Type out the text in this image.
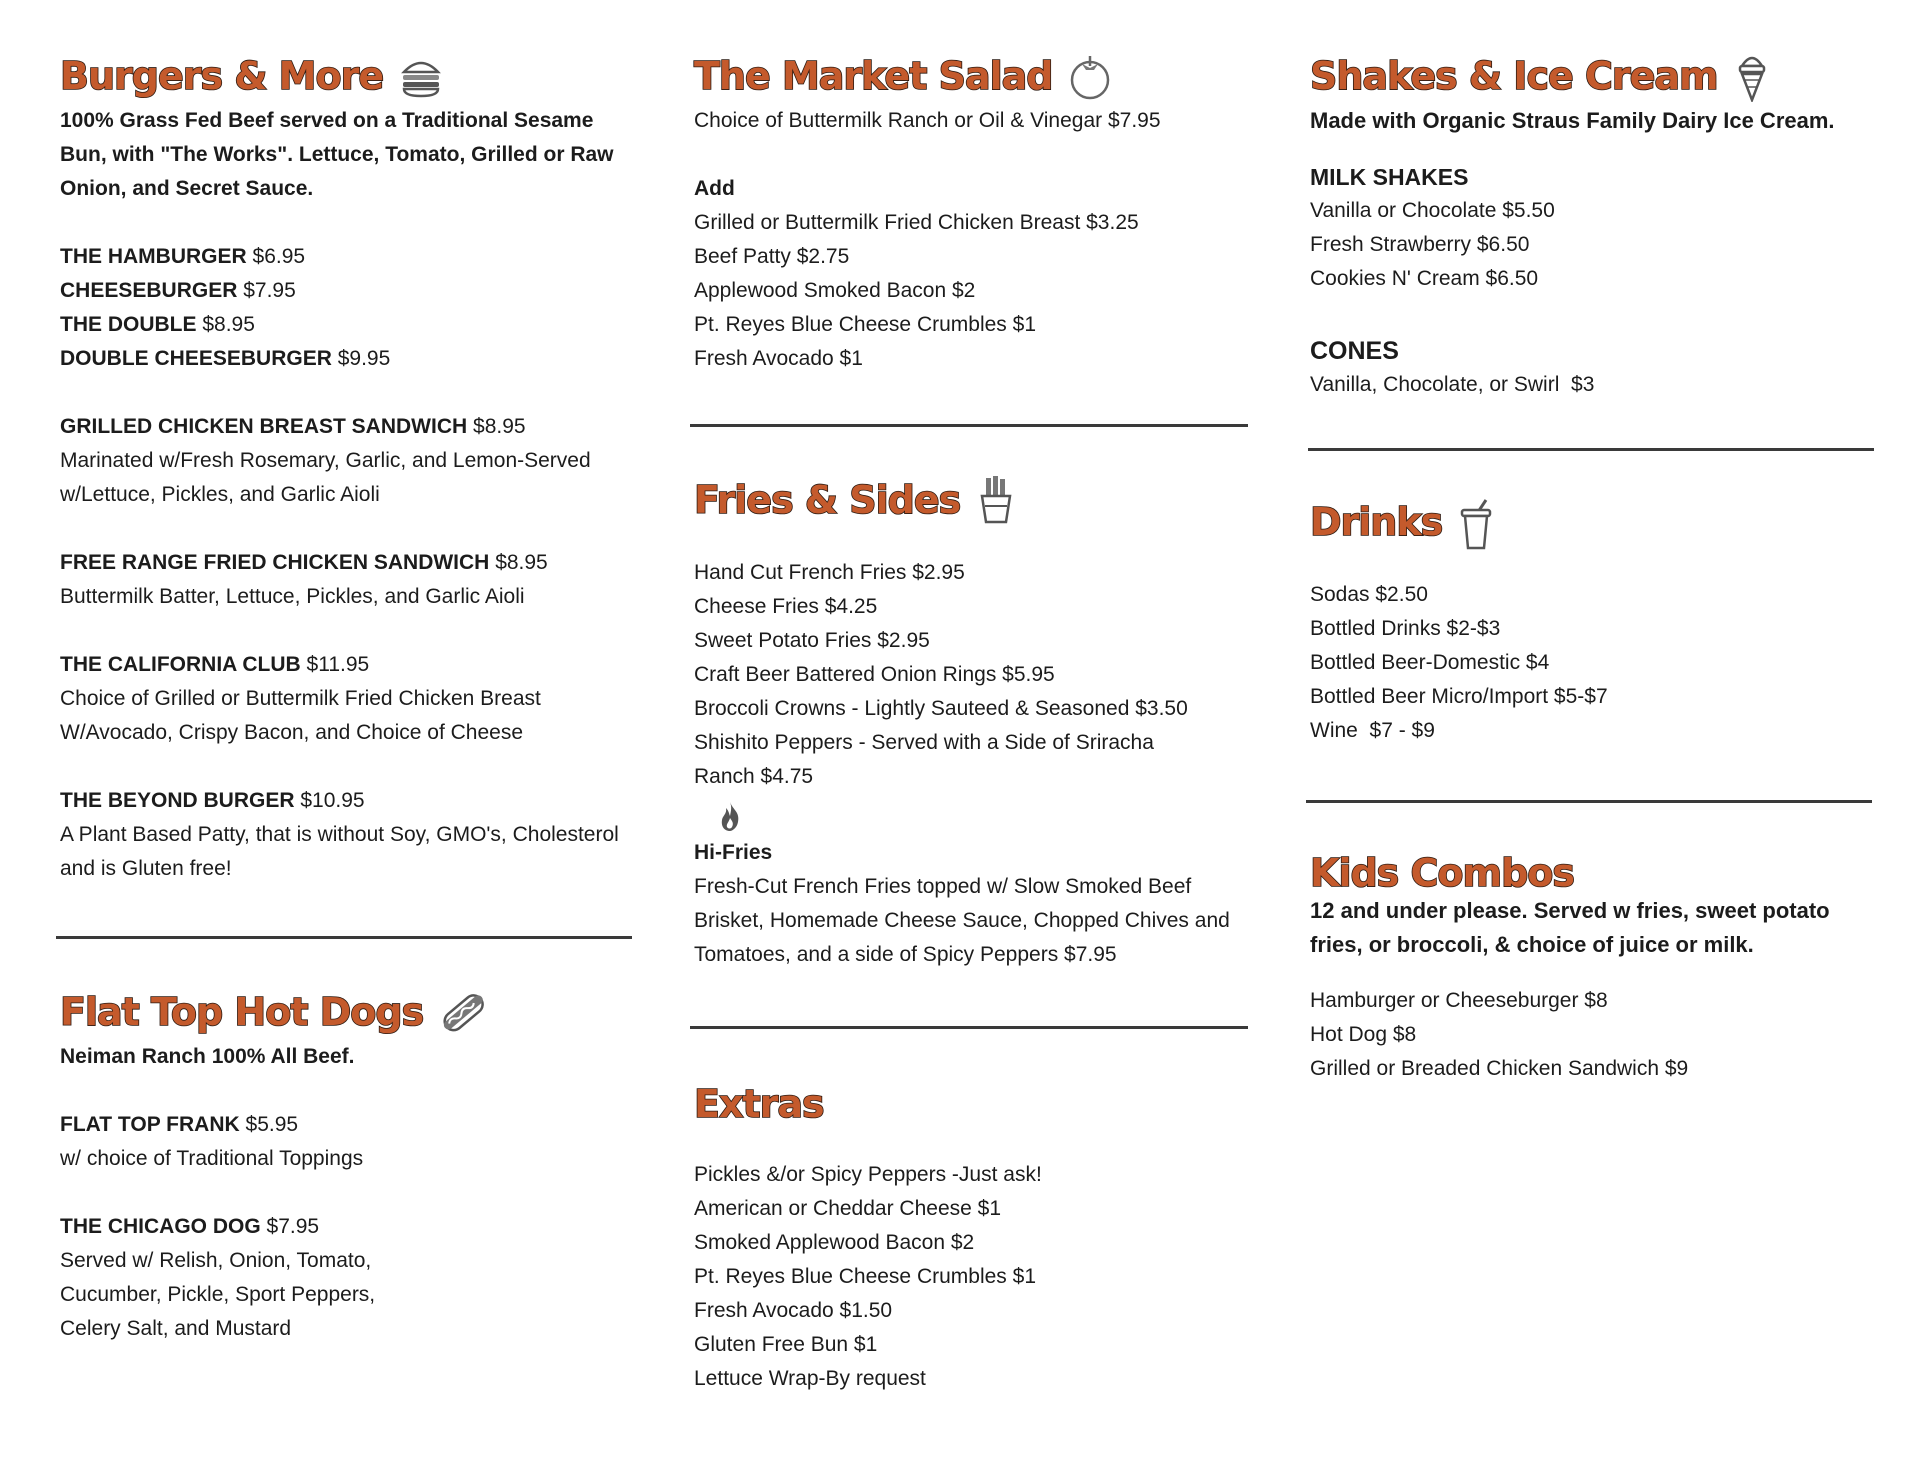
Burgers & More

100% Grass Fed Beef served on a Traditional Sesame Bun, with "The Works". Lettuce, Tomato, Grilled or Raw Onion, and Secret Sauce.

THE HAMBURGER $6.95

CHEESEBURGER $7.95

THE DOUBLE $8.95

DOUBLE CHEESEBURGER $9.95

GRILLED CHICKEN BREAST SANDWICH $8.95

Marinated w/Fresh Rosemary, Garlic, and Lemon-Served w/Lettuce, Pickles, and Garlic Aioli

FREE RANGE FRIED CHICKEN SANDWICH $8.95

Buttermilk Batter, Lettuce, Pickles, and Garlic Aioli

THE CALIFORNIA CLUB $11.95

Choice of Grilled or Buttermilk Fried Chicken Breast W/Avocado, Crispy Bacon, and Choice of Cheese

THE BEYOND BURGER $10.95

A Plant Based Patty, that is without Soy, GMO's, Cholesterol and is Gluten free!

Flat Top Hot Dogs

Neiman Ranch 100% All Beef.

FLAT TOP FRANK $5.95

w/ choice of Traditional Toppings

THE CHICAGO DOG $7.95

Served w/ Relish, Onion, Tomato, Cucumber, Pickle, Sport Peppers, Celery Salt, and Mustard

The Market Salad

Choice of Buttermilk Ranch or Oil & Vinegar $7.95

Add

Grilled or Buttermilk Fried Chicken Breast $3.25

Beef Patty $2.75

Applewood Smoked Bacon $2

Pt. Reyes Blue Cheese Crumbles $1

Fresh Avocado $1

Fries & Sides

Hand Cut French Fries $2.95

Cheese Fries $4.25

Sweet Potato Fries $2.95

Craft Beer Battered Onion Rings $5.95

Broccoli Crowns - Lightly Sauteed & Seasoned $3.50

Shishito Peppers - Served with a Side of Sriracha

Ranch $4.75

Hi-Fries

Fresh-Cut French Fries topped w/ Slow Smoked Beef Brisket, Homemade Cheese Sauce, Chopped Chives and Tomatoes, and a side of Spicy Peppers $7.95

Extras

Pickles &/or Spicy Peppers -Just ask!

American or Cheddar Cheese $1

Smoked Applewood Bacon $2

Pt. Reyes Blue Cheese Crumbles $1

Fresh Avocado $1.50

Gluten Free Bun $1

Lettuce Wrap-By request

Shakes & Ice Cream

Made with Organic Straus Family Dairy Ice Cream.

MILK SHAKES

Vanilla or Chocolate $5.50

Fresh Strawberry $6.50

Cookies N' Cream $6.50

CONES

Vanilla, Chocolate, or Swirl  $3

Drinks

Sodas $2.50

Bottled Drinks $2-$3

Bottled Beer-Domestic $4

Bottled Beer Micro/Import $5-$7

Wine  $7 - $9

Kids Combos

12 and under please. Served w fries, sweet potato fries, or broccoli, & choice of juice or milk.

Hamburger or Cheeseburger $8

Hot Dog $8

Grilled or Breaded Chicken Sandwich $9
